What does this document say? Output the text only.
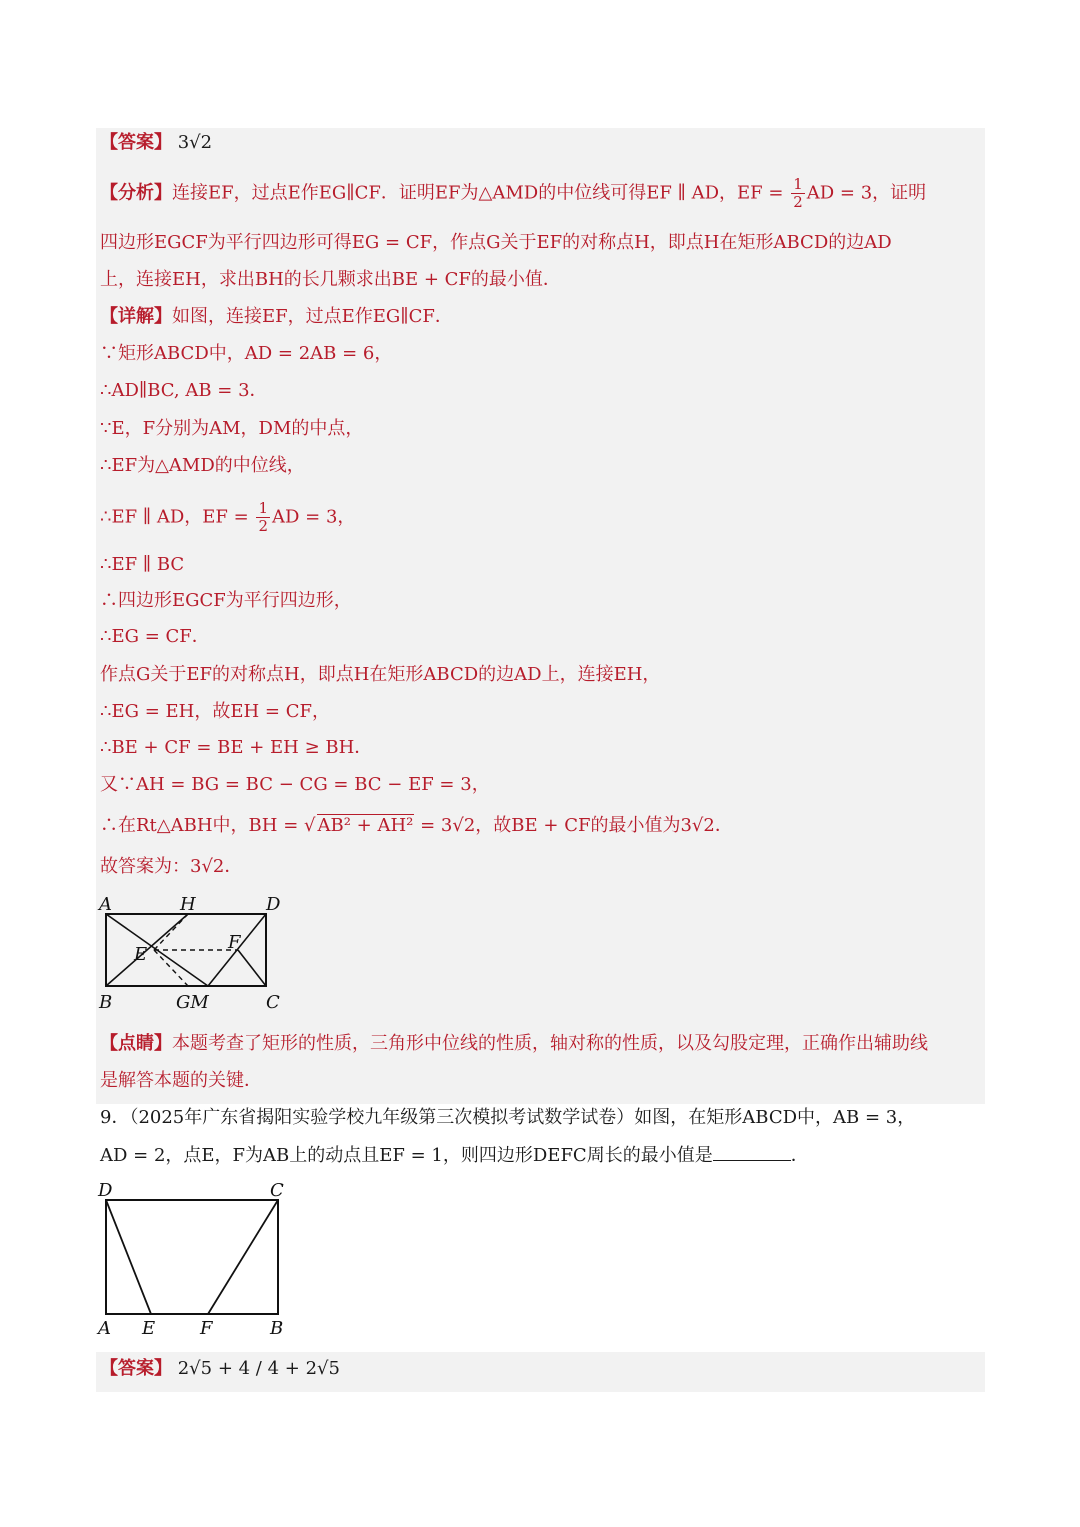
【答案】 3√2
【分析】连接EF，过点E作EG∥CF．证明EF为△AMD的中位线可得EF ∥ AD，EF = $\frac{1}{2}$ AD = 3，证明
四边形EGCF为平行四边形可得EG = CF，作点G关于EF的对称点H，即点H在矩形ABCD的边AD
上，连接EH，求出BH的长几颗求出BE + CF的最小值．
【详解】如图，连接EF，过点E作EG∥CF．
∵矩形ABCD中，AD = 2AB = 6，
∴AD∥BC, AB = 3．
∵E，F分别为AM，DM的中点，
∴EF为△AMD的中位线，
∴EF ∥ AD，EF = $\frac{1}{2}$ AD = 3，
∴EF ∥ BC
∴四边形EGCF为平行四边形，
∴EG = CF．
作点G关于EF的对称点H，即点H在矩形ABCD的边AD上，连接EH，
∴EG = EH，故EH = CF，
∴BE + CF = BE + EH ≥ BH．
又∵AH = BG = BC − CG = BC − EF = 3，
∴在Rt△ABH中，BH = √ AB² + AH² = 3√2，故BE + CF的最小值为3√2．
故答案为：3√2．
A	H	D
E
F
B	GM	C
【点睛】本题考查了矩形的性质，三角形中位线的性质，轴对称的性质，以及勾股定理，正确作出辅助线
是解答本题的关键．
9．（2025年广东省揭阳实验学校九年级第三次模拟考试数学试卷）如图，在矩形ABCD中，AB = 3，
AD = 2，点E，F为AB上的动点且EF = 1，则四边形DEFC周长的最小值是	．
D	C
A E F	B
【答案】 2√5 + 4 / 4 + 2√5
